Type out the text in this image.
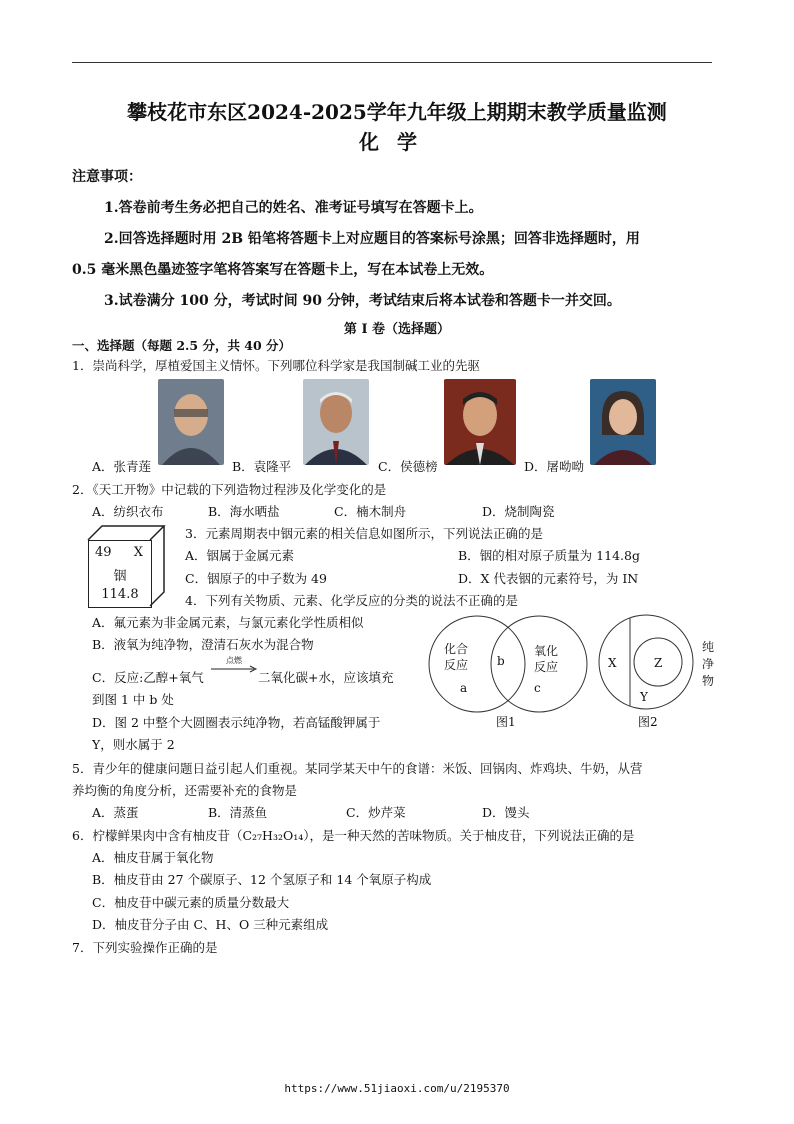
攀枝花市东区2024-2025学年九年级上期期末教学质量监测
化学
注意事项：
1.答卷前考生务必把自己的姓名、准考证号填写在答题卡上。
2.回答选择题时用 2B 铅笔将答题卡上对应题目的答案标号涂黑；回答非选择题时，用
0.5 毫米黑色墨迹签字笔将答案写在答题卡上，写在本试卷上无效。
3.试卷满分 100 分，考试时间 90 分钟，考试结束后将本试卷和答题卡一并交回。
第 I 卷（选择题）
一、选择题（每题 2.5 分，共 40 分）
1．崇尚科学，厚植爱国主义情怀。下列哪位科学家是我国制碱工业的先驱
A．张青莲	B．袁隆平	C．侯德榜	D．屠呦呦
2．《天工开物》中记载的下列造物过程涉及化学变化的是
A．纺织衣布	B．海水晒盐	C．楠木制舟	D．烧制陶瓷
49 X
铟
114.8
3．元素周期表中铟元素的相关信息如图所示，下列说法正确的是
A．铟属于金属元素	B．铟的相对原子质量为 114.8g
C．铟原子的中子数为 49	D．X 代表铟的元素符号，为 IN
4．下列有关物质、元素、化学反应的分类的说法不正确的是
A．氟元素为非金属元素，与氯元素化学性质相似
B．液氧为纯净物，澄清石灰水为混合物
C．反应:乙醇+氧气
点燃
二氧化碳+水，应该填充
到图 1 中 b 处
D．图 2 中整个大圆圈表示纯净物，若高锰酸钾属于
Y，则水属于 2
化合
反应
氧化
反应
a
b
c
图1
X	Z
Y
纯
净
物
图2
5．青少年的健康问题日益引起人们重视。某同学某天中午的食谱：米饭、回锅肉、炸鸡块、牛奶，从营
养均衡的角度分析，还需要补充的食物是
A．蒸蛋	B．清蒸鱼	C．炒芹菜	D．馒头
6．柠檬鲜果肉中含有柚皮苷（C₂₇H₃₂O₁₄），是一种天然的苦味物质。关于柚皮苷，下列说法正确的是
A．柚皮苷属于氧化物
B．柚皮苷由 27 个碳原子、12 个氢原子和 14 个氧原子构成
C．柚皮苷中碳元素的质量分数最大
D．柚皮苷分子由 C、H、O 三种元素组成
7．下列实验操作正确的是
https://www.51jiaoxi.com/u/2195370
